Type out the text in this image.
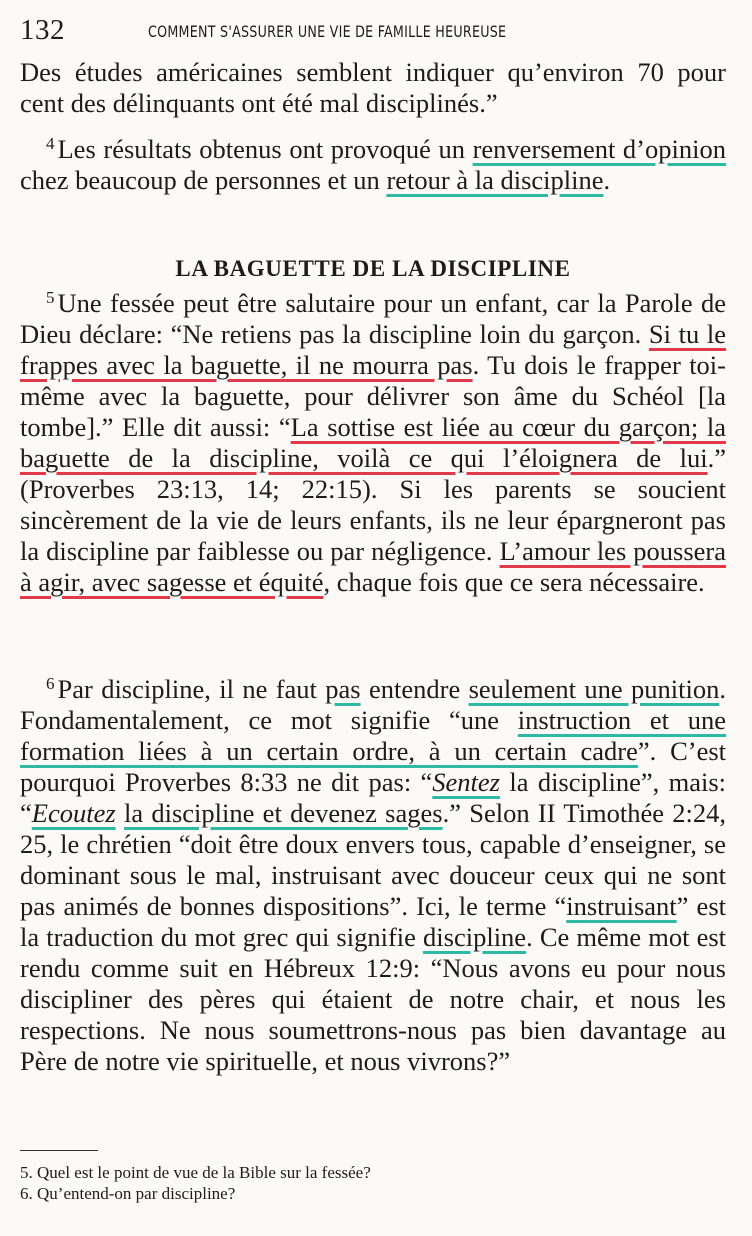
132	COMMENT S'ASSURER UNE VIE DE FAMILLE HEUREUSE
Des études américaines semblent indiquer qu’environ 70 pour cent des délinquants ont été mal disciplinés.”
$^4$ Les résultats obtenus ont provoqué un renversement d’opinion chez beaucoup de personnes et un retour à la discipline.
LA BAGUETTE DE LA DISCIPLINE
$^5$ Une fessée peut être salutaire pour un enfant, car la Parole de Dieu déclare: “Ne retiens pas la discipline loin du garçon. Si tu le frappes avec la baguette, il ne mourra pas. Tu dois le frapper toi-même avec la baguette, pour délivrer son âme du Schéol [la tombe].” Elle dit aussi: “La sottise est liée au cœur du garçon; la baguette de la discipline, voilà ce qui l’éloignera de lui.” (Proverbes 23:13, 14; 22:15). Si les parents se soucient sincèrement de la vie de leurs enfants, ils ne leur épargneront pas la discipline par faiblesse ou par négligence. L’amour les poussera à agir, avec sagesse et équité, chaque fois que ce sera nécessaire.
$^6$ Par discipline, il ne faut pas entendre seulement une punition. Fondamentalement, ce mot signifie “une instruction et une formation liées à un certain ordre, à un certain cadre”. C’est pourquoi Proverbes 8:33 ne dit pas: “Sentez la discipline”, mais: “Ecoutez la discipline et devenez sages.” Selon II Timothée 2:24, 25, le chrétien “doit être doux envers tous, capable d’enseigner, se dominant sous le mal, instruisant avec douceur ceux qui ne sont pas animés de bonnes dispositions”. Ici, le terme “instruisant” est la traduction du mot grec qui signifie discipline. Ce même mot est rendu comme suit en Hébreux 12:9: “Nous avons eu pour nous discipliner des pères qui étaient de notre chair, et nous les respections. Ne nous soumettrons-nous pas bien davantage au Père de notre vie spirituelle, et nous vivrons?”
5. Quel est le point de vue de la Bible sur la fessée?
6. Qu’entend-on par discipline?
